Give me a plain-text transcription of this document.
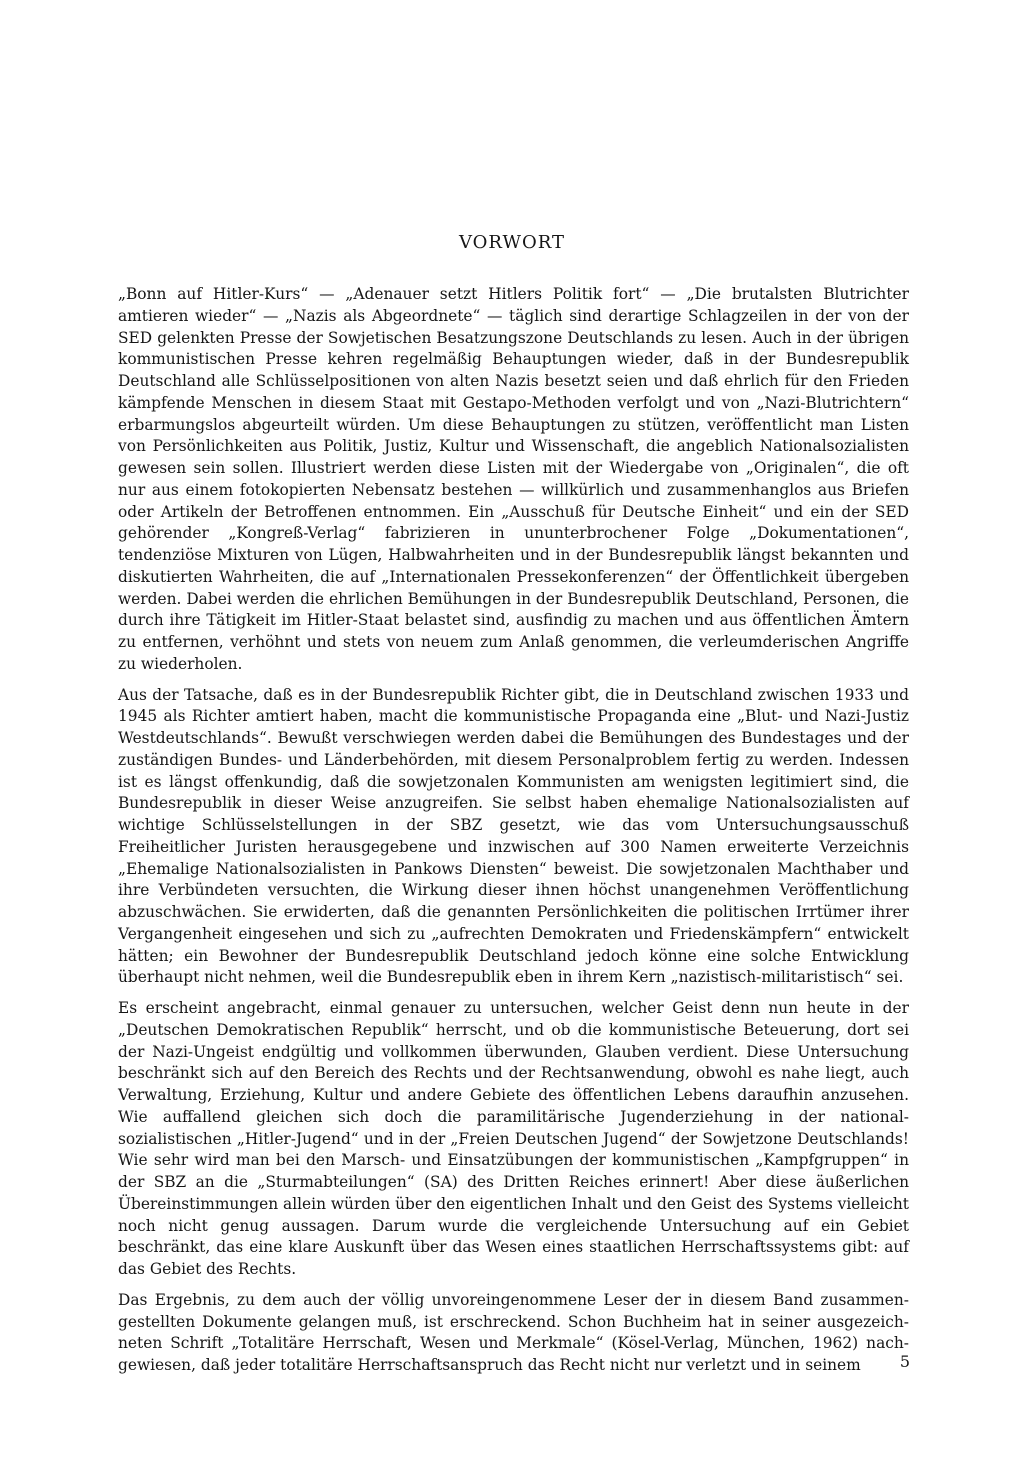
VORWORT

„Bonn auf Hitler-Kurs“ — „Adenauer setzt Hitlers Politik fort“ — „Die brutalsten Blutrichter amtieren wieder“ — „Nazis als Abgeordnete“ — täglich sind derartige Schlagzeilen in der von der SED gelenkten Presse der Sowjetischen Besatzungszone Deutschlands zu lesen. Auch in der übrigen kommunistischen Presse kehren regelmäßig Behauptungen wieder, daß in der Bundesrepublik Deutschland alle Schlüsselpositionen von alten Nazis besetzt seien und daß ehrlich für den Frieden kämpfende Menschen in diesem Staat mit Gestapo-Methoden verfolgt und von „Nazi-Blutrichtern“ erbarmungslos abgeurteilt würden. Um diese Behauptungen zu stützen, veröffentlicht man Listen von Persönlichkeiten aus Politik, Justiz, Kultur und Wissenschaft, die angeblich Nationalsozialisten gewesen sein sollen. Illustriert werden diese Listen mit der Wiedergabe von „Originalen“, die oft nur aus einem fotokopierten Nebensatz bestehen — willkürlich und zusammenhanglos aus Briefen oder Artikeln der Betroffenen entnommen. Ein „Ausschuß für Deutsche Einheit“ und ein der SED gehörender „Kongreß-Verlag“ fabrizieren in ununterbrochener Folge „Dokumentationen“, tendenziöse Mixturen von Lügen, Halbwahrheiten und in der Bundesrepublik längst bekannten und diskutierten Wahrheiten, die auf „Internationalen Pressekonferenzen“ der Öffentlichkeit übergeben werden. Dabei werden die ehrlichen Bemühungen in der Bundesrepublik Deutschland, Personen, die durch ihre Tätigkeit im Hitler-Staat belastet sind, ausfindig zu machen und aus öffentlichen Ämtern zu entfernen, verhöhnt und stets von neuem zum Anlaß genommen, die verleumderischen Angriffe zu wiederholen.

Aus der Tatsache, daß es in der Bundesrepublik Richter gibt, die in Deutschland zwischen 1933 und 1945 als Richter amtiert haben, macht die kommunistische Propaganda eine „Blut- und Nazi-Justiz Westdeutschlands“. Bewußt verschwiegen werden dabei die Bemühungen des Bundestages und der zuständigen Bundes- und Länderbehörden, mit diesem Personalproblem fertig zu werden. Indessen ist es längst offenkundig, daß die sowjetzonalen Kommunisten am wenigsten legitimiert sind, die Bundesrepublik in dieser Weise anzugreifen. Sie selbst haben ehemalige Nationalsozialisten auf wichtige Schlüsselstellungen in der SBZ gesetzt, wie das vom Untersuchungsausschuß Freiheitlicher Juristen herausgegebene und inzwischen auf 300 Namen erweiterte Verzeichnis „Ehemalige Nationalsozialisten in Pankows Diensten“ beweist. Die sowjetzonalen Machthaber und ihre Verbündeten versuchten, die Wirkung dieser ihnen höchst unangenehmen Veröffentlichung abzuschwächen. Sie erwiderten, daß die genannten Persönlichkeiten die politischen Irrtümer ihrer Vergangenheit eingesehen und sich zu „aufrechten Demokraten und Friedenskämpfern“ entwickelt hätten; ein Bewohner der Bundesrepublik Deutschland jedoch könne eine solche Entwicklung überhaupt nicht nehmen, weil die Bundesrepublik eben in ihrem Kern „nazistisch-militaristisch“ sei.

Es erscheint angebracht, einmal genauer zu untersuchen, welcher Geist denn nun heute in der „Deutschen Demokratischen Republik“ herrscht, und ob die kommunistische Beteuerung, dort sei der Nazi-Ungeist endgültig und vollkommen überwunden, Glauben verdient. Diese Untersuchung beschränkt sich auf den Bereich des Rechts und der Rechtsanwendung, obwohl es nahe liegt, auch Verwaltung, Erziehung, Kultur und andere Gebiete des öffentlichen Lebens daraufhin anzusehen. Wie auffallend gleichen sich doch die paramilitärische Jugenderziehung in der nationalsozialistischen „Hitler-Jugend“ und in der „Freien Deutschen Jugend“ der Sowjetzone Deutschlands! Wie sehr wird man bei den Marsch- und Einsatzübungen der kommunistischen „Kampfgruppen“ in der SBZ an die „Sturmabteilungen“ (SA) des Dritten Reiches erinnert! Aber diese äußerlichen Übereinstimmungen allein würden über den eigentlichen Inhalt und den Geist des Systems vielleicht noch nicht genug aussagen. Darum wurde die vergleichende Untersuchung auf ein Gebiet beschränkt, das eine klare Auskunft über das Wesen eines staatlichen Herrschaftssystems gibt: auf das Gebiet des Rechts.

Das Ergebnis, zu dem auch der völlig unvoreingenommene Leser der in diesem Band zusammengestellten Dokumente gelangen muß, ist erschreckend. Schon Buchheim hat in seiner ausgezeichneten Schrift „Totalitäre Herrschaft, Wesen und Merkmale“ (Kösel-Verlag, München, 1962) nachgewiesen, daß jeder totalitäre Herrschaftsanspruch das Recht nicht nur verletzt und in seinem	5
